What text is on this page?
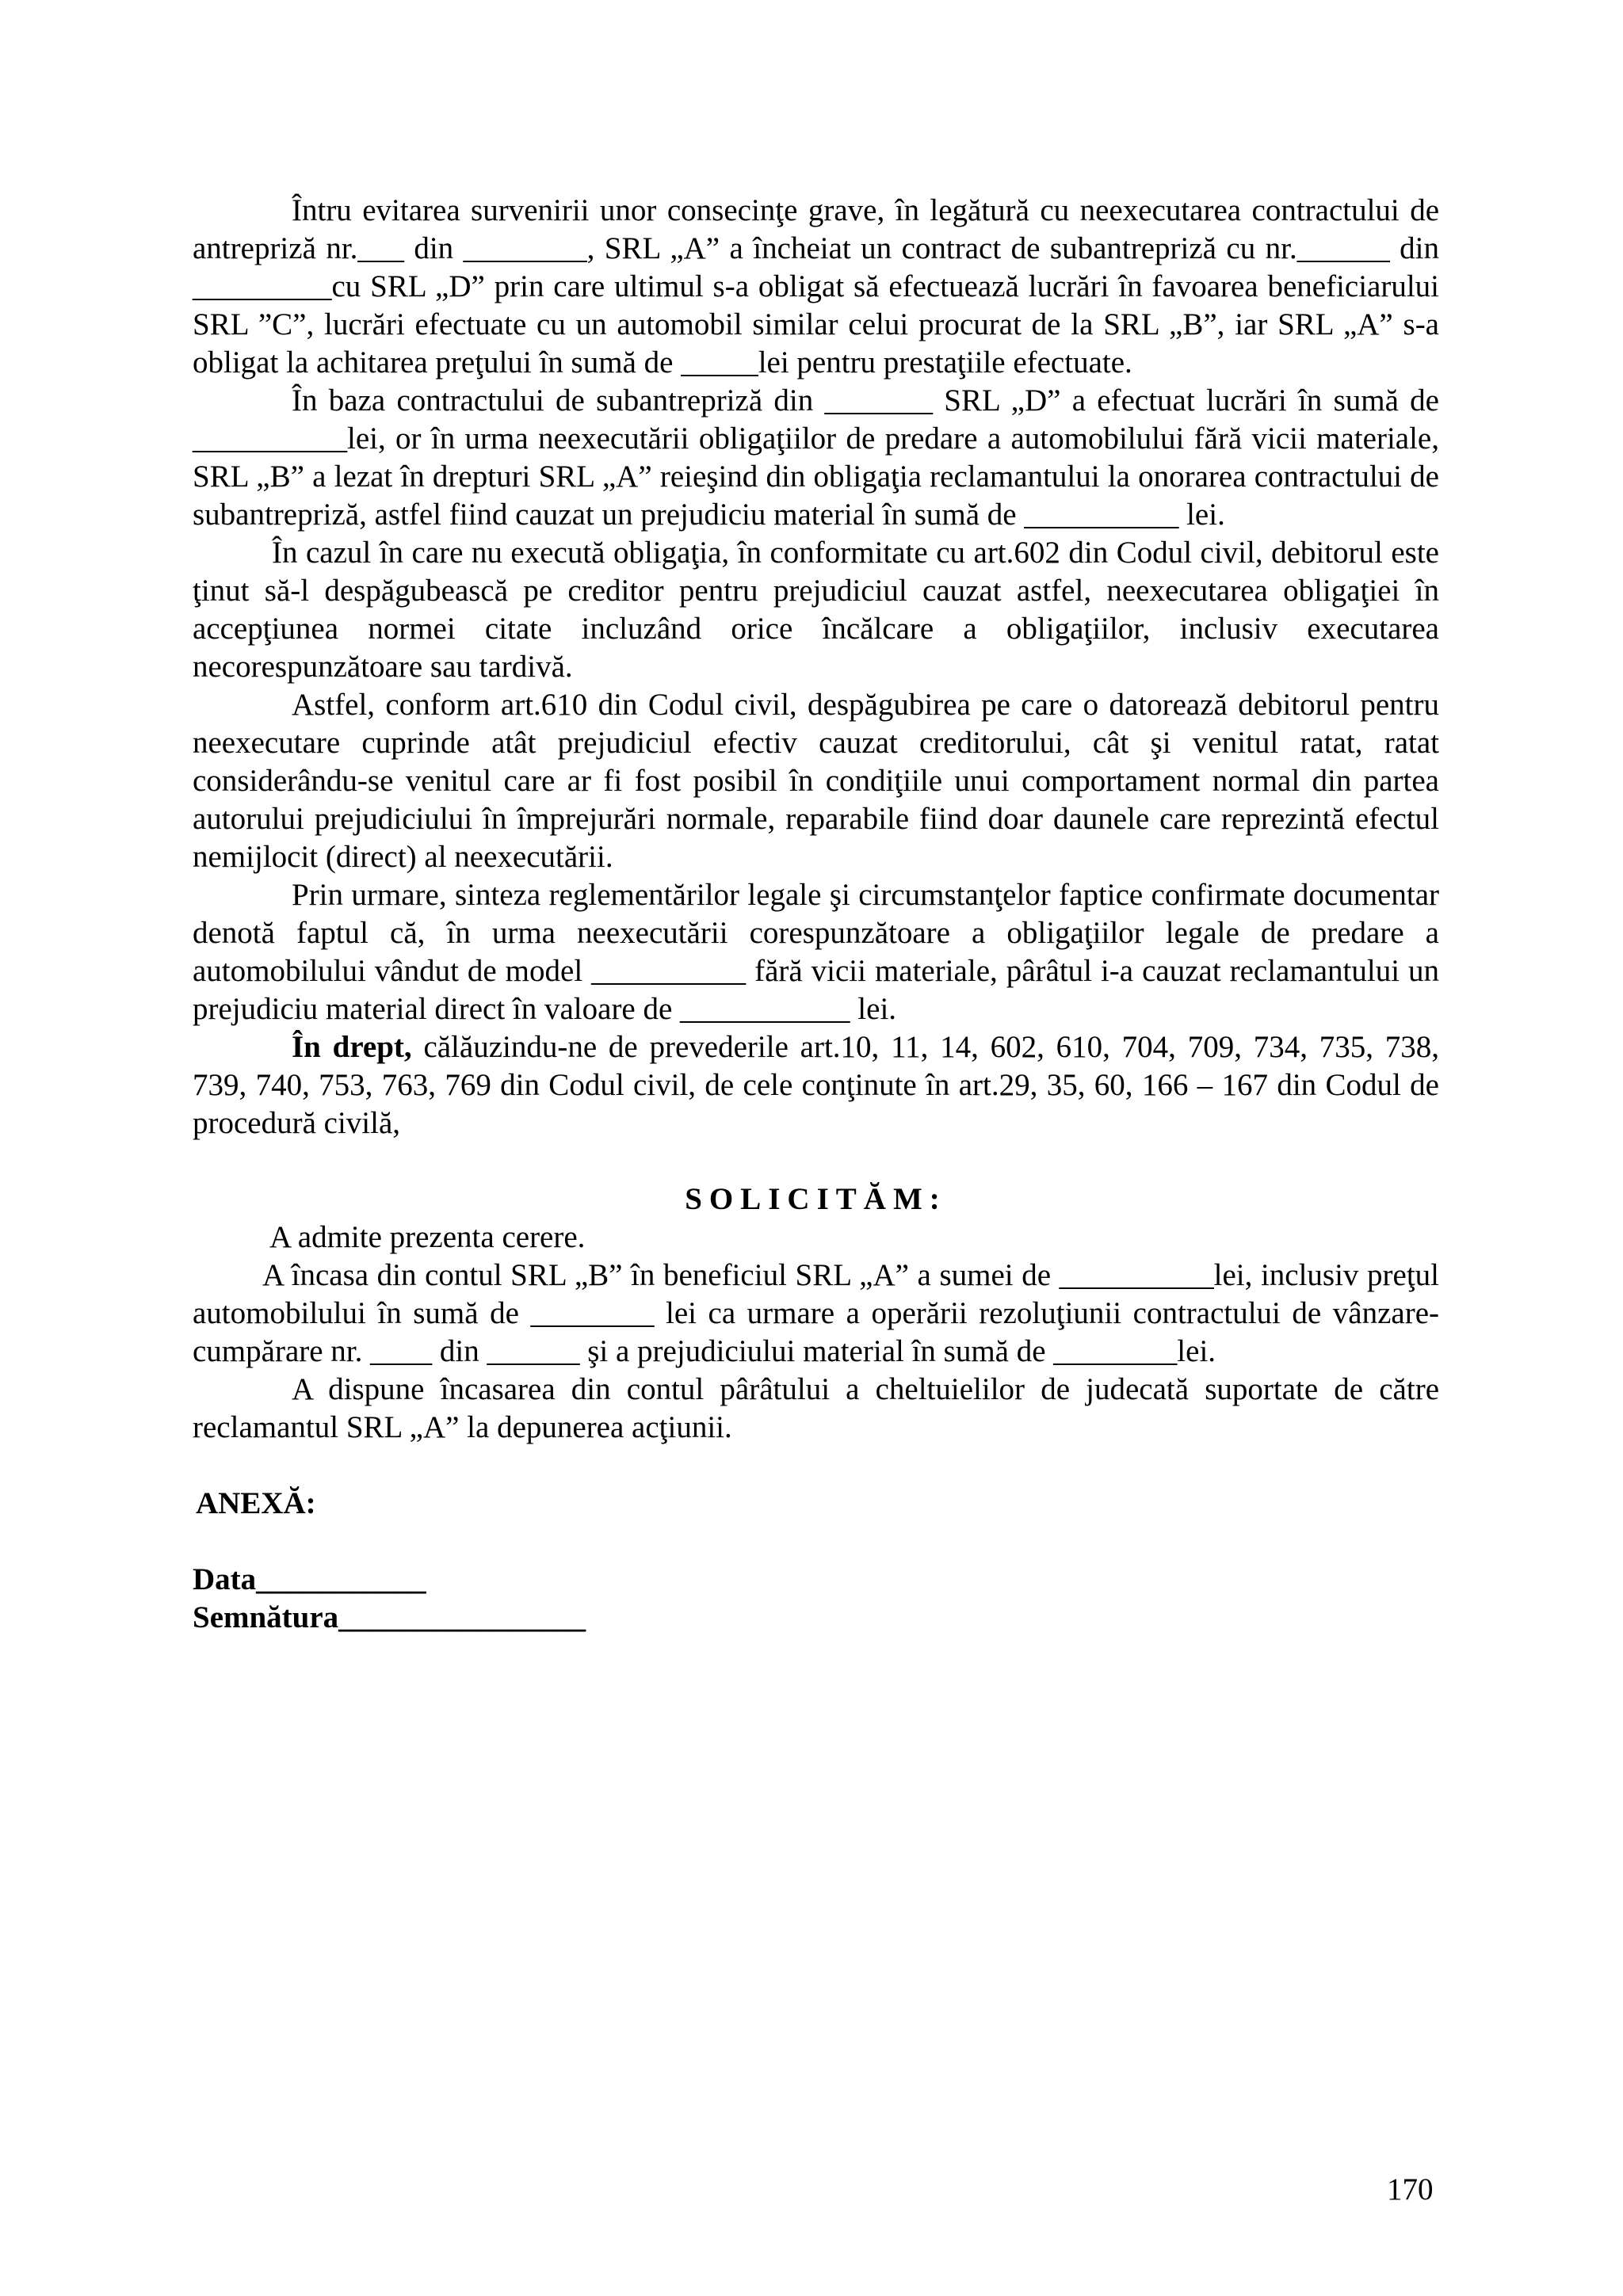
Întru evitarea survenirii unor consecinţe grave, în legătură cu neexecutarea contractului de antrepriză nr.___ din ________, SRL „A” a încheiat un contract de subantrepriză cu nr.______ din _________cu SRL „D” prin care ultimul s-a obligat să efectuează lucrări în favoarea beneficiarului SRL ”C”, lucrări efectuate cu un automobil similar celui procurat de la SRL „B”, iar SRL „A” s-a obligat la achitarea preţului în sumă de _____lei pentru prestaţiile efectuate.

În baza contractului de subantrepriză din _______ SRL „D” a efectuat lucrări în sumă de __________lei, or în urma neexecutării obligaţiilor de predare a automobilului fără vicii materiale, SRL „B” a lezat în drepturi SRL „A” reieşind din obligaţia reclamantului la onorarea contractului de subantrepriză, astfel fiind cauzat un prejudiciu material în sumă de __________ lei.

În cazul în care nu execută obligaţia, în conformitate cu art.602 din Codul civil, debitorul este ţinut să-l despăgubească pe creditor pentru prejudiciul cauzat astfel, neexecutarea obligaţiei în accepţiunea normei citate incluzând orice încălcare a obligaţiilor, inclusiv executarea necorespunzătoare sau tardivă.

Astfel, conform art.610 din Codul civil, despăgubirea pe care o datorează debitorul pentru neexecutare cuprinde atât prejudiciul efectiv cauzat creditorului, cât şi venitul ratat, ratat considerându-se venitul care ar fi fost posibil în condiţiile unui comportament normal din partea autorului prejudiciului în împrejurări normale, reparabile fiind doar daunele care reprezintă efectul nemijlocit (direct) al neexecutării.

Prin urmare, sinteza reglementărilor legale şi circumstanţelor faptice confirmate documentar denotă faptul că, în urma neexecutării corespunzătoare a obligaţiilor legale de predare a automobilului vândut de model __________ fără vicii materiale, pârâtul i-a cauzat reclamantului un prejudiciu material direct în valoare de ___________ lei.

În drept, călăuzindu-ne de prevederile art.10, 11, 14, 602, 610, 704, 709, 734, 735, 738, 739, 740, 753, 763, 769 din Codul civil, de cele conţinute în art.29, 35, 60, 166 – 167 din Codul de procedură civilă,

SOLICITĂM:

A admite prezenta cerere.

A încasa din contul SRL „B” în beneficiul SRL „A” a sumei de __________lei, inclusiv preţul automobilului în sumă de ________ lei ca urmare a operării rezoluţiunii contractului de vânzare-cumpărare nr. ____ din ______ şi a prejudiciului material în sumă de ________lei.

A dispune încasarea din contul pârâtului a cheltuielilor de judecată suportate de către reclamantul SRL „A” la depunerea acţiunii.

ANEXĂ:
Data___________
Semnătura________________
170
